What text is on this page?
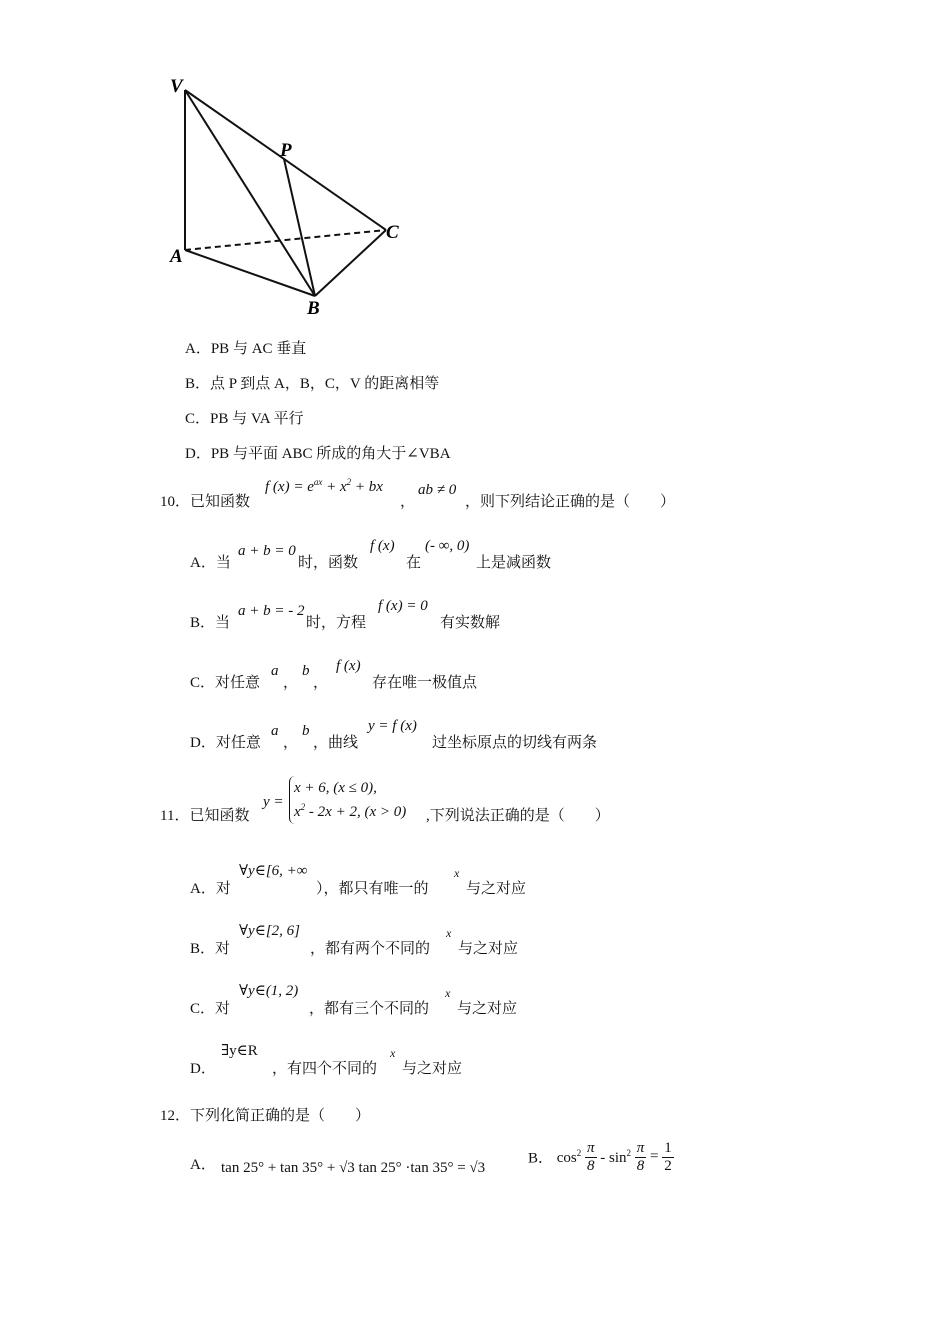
V
P
A
B
C
A．PB 与 AC 垂直
B．点 P 到点 A，B，C，V 的距离相等
C．PB 与 VA 平行
D．PB 与平面 ABC 所成的角大于∠VBA
10．已知函数
f $(x) = e^{ax} + x^2$ + bx
，
ab ≠ 0
，则下列结论正确的是（　　）
A．当
a + b = 0
时，函数
f (x)
在
(- ∞, 0)
上是减函数
B．当
a + b = - 2
时，方程
f (x) = 0
有实数解
C．对任意
a
，
b
，
f (x)
存在唯一极值点
D．对任意
a
，
b
，曲线
y = f (x)
过坐标原点的切线有两条
11．已知函数
y =
x + 6, (x ≤ 0),
$x^2 - 2x + 2$, (x > 0) ,下列说法正确的是（　　）
A．对
∀y∈[6, +∞
），都只有唯一的
x
与之对应
B．对
∀y∈[2, 6]
，都有两个不同的
x
与之对应
C．对
∀y∈(1, 2)
，都有三个不同的
x
与之对应
D．
∃y∈R
，有四个不同的
x
与之对应
12．下列化简正确的是（　　）
A． tan 25° + tan 35° + √3 tan 25° ·tan 35° = √3
B． $\cos^2 \frac{\pi}{8} - \sin^2 \frac{\pi}{8} = \frac{1}{2}$
